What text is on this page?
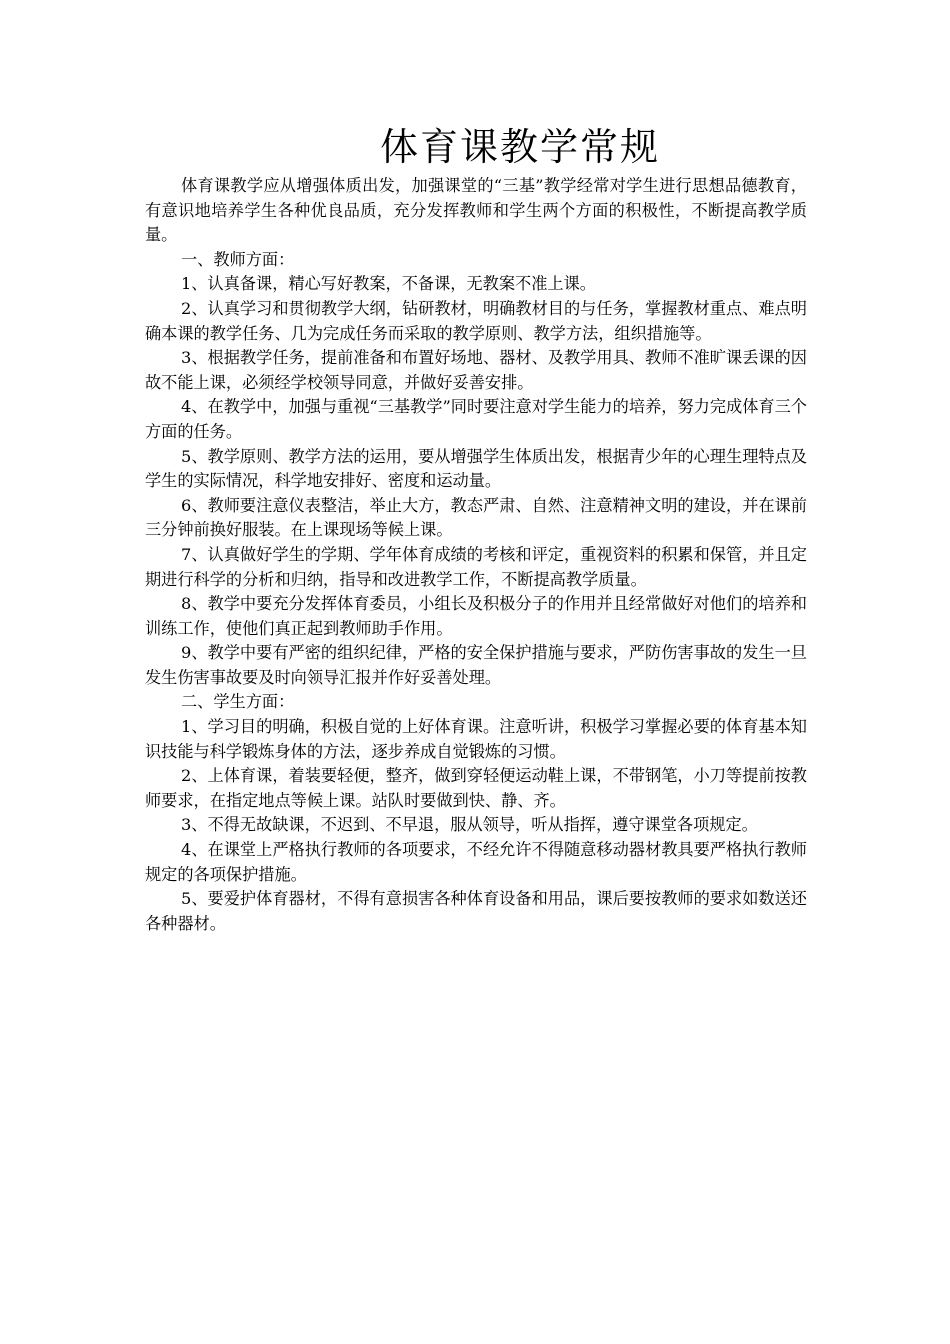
体育课教学常规

体育课教学应从增强体质出发，加强课堂的“三基”教学经常对学生进行思想品德教育，有意识地培养学生各种优良品质，充分发挥教师和学生两个方面的积极性，不断提高教学质量。

一、教师方面：

1、认真备课，精心写好教案，不备课，无教案不准上课。

2、认真学习和贯彻教学大纲，钻研教材，明确教材目的与任务，掌握教材重点、难点明确本课的教学任务、几为完成任务而采取的教学原则、教学方法，组织措施等。

3、根据教学任务，提前准备和布置好场地、器材、及教学用具、教师不准旷课丢课的因故不能上课，必须经学校领导同意，并做好妥善安排。

4、在教学中，加强与重视“三基教学”同时要注意对学生能力的培养，努力完成体育三个方面的任务。

5、教学原则、教学方法的运用，要从增强学生体质出发，根据青少年的心理生理特点及学生的实际情况，科学地安排好、密度和运动量。

6、教师要注意仪表整洁，举止大方，教态严肃、自然、注意精神文明的建设，并在课前三分钟前换好服装。在上课现场等候上课。

7、认真做好学生的学期、学年体育成绩的考核和评定，重视资料的积累和保管，并且定期进行科学的分析和归纳，指导和改进教学工作，不断提高教学质量。

8、教学中要充分发挥体育委员，小组长及积极分子的作用并且经常做好对他们的培养和训练工作，使他们真正起到教师助手作用。

9、教学中要有严密的组织纪律，严格的安全保护措施与要求，严防伤害事故的发生一旦发生伤害事故要及时向领导汇报并作好妥善处理。

二、学生方面：

1、学习目的明确，积极自觉的上好体育课。注意听讲，积极学习掌握必要的体育基本知识技能与科学锻炼身体的方法，逐步养成自觉锻炼的习惯。

2、上体育课，着装要轻便，整齐，做到穿轻便运动鞋上课，不带钢笔，小刀等提前按教师要求，在指定地点等候上课。站队时要做到快、静、齐。

3、不得无故缺课，不迟到、不早退，服从领导，听从指挥，遵守课堂各项规定。

4、在课堂上严格执行教师的各项要求，不经允许不得随意移动器材教具要严格执行教师规定的各项保护措施。

5、要爱护体育器材，不得有意损害各种体育设备和用品，课后要按教师的要求如数送还各种器材。
